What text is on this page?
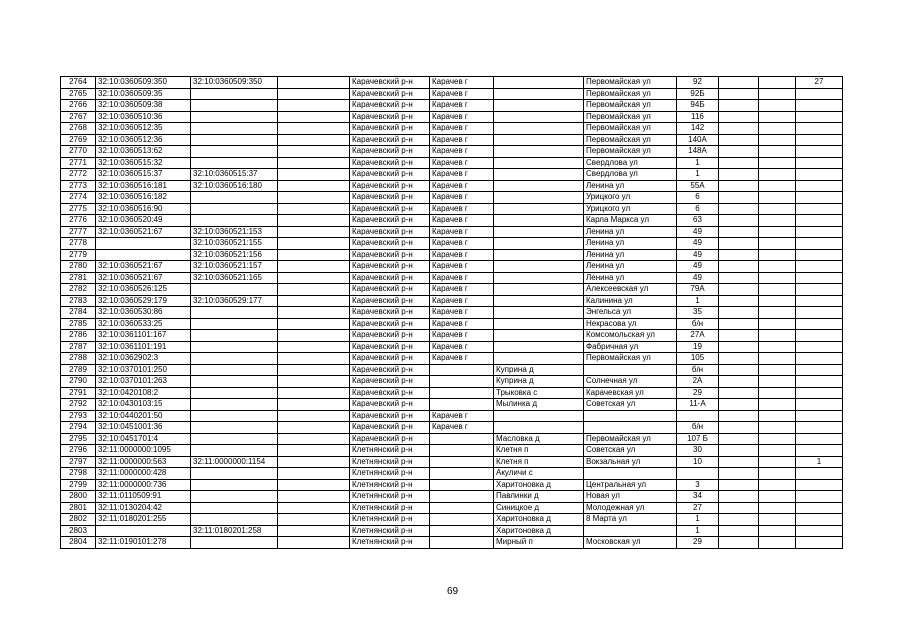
2764	32:10:0360509:350	32:10:0360509:350		Карачевский р-н	Карачев г		Первомайская ул	92			27
2765	32:10:0360509:35			Карачевский р-н	Карачев г		Первомайская ул	92Б			
2766	32:10:0360509:38			Карачевский р-н	Карачев г		Первомайская ул	94Б			
2767	32:10:0360510:36			Карачевский р-н	Карачев г		Первомайская ул	116			
2768	32:10:0360512:35			Карачевский р-н	Карачев г		Первомайская ул	142			
2769	32:10:0360512:36			Карачевский р-н	Карачев г		Первомайская ул	140А			
2770	32:10:0360513:62			Карачевский р-н	Карачев г		Первомайская ул	148А			
2771	32:10:0360515:32			Карачевский р-н	Карачев г		Свердлова ул	1			
2772	32:10:0360515:37	32:10:0360515:37		Карачевский р-н	Карачев г		Свердлова ул	1			
2773	32:10:0360516:181	32:10:0360516:180		Карачевский р-н	Карачев г		Ленина ул	55А			
2774	32:10:0360516:182			Карачевский р-н	Карачев г		Урицкого ул	6			
2775	32:10:0360516:90			Карачевский р-н	Карачев г		Урицкого ул	6			
2776	32:10:0360520:49			Карачевский р-н	Карачев г		Карла Маркса ул	63			
2777	32:10:0360521:67	32:10:0360521:153		Карачевский р-н	Карачев г		Ленина ул	49			
2778		32:10:0360521:155		Карачевский р-н	Карачев г		Ленина ул	49			
2779		32:10:0360521:156		Карачевский р-н	Карачев г		Ленина ул	49			
2780	32:10:0360521:67	32:10:0360521:157		Карачевский р-н	Карачев г		Ленина ул	49			
2781	32:10:0360521:67	32:10:0360521:165		Карачевский р-н	Карачев г		Ленина ул	49			
2782	32:10:0360526:125			Карачевский р-н	Карачев г		Алексеевская ул	79А			
2783	32:10:0360529:179	32:10:0360529:177		Карачевский р-н	Карачев г		Калинина ул	1			
2784	32:10:0360530:86			Карачевский р-н	Карачев г		Энгельса ул	35			
2785	32:10:0360533:25			Карачевский р-н	Карачев г		Некрасова ул	б/н			
2786	32:10:0361101:167			Карачевский р-н	Карачев г		Комсомольская ул	27А			
2787	32:10:0361101:191			Карачевский р-н	Карачев г		Фабричная ул	19			
2788	32:10:0362902:3			Карачевский р-н	Карачев г		Первомайская ул	105			
2789	32:10:0370101:250			Карачевский р-н		Куприна д		б/н			
2790	32:10:0370101:263			Карачевский р-н		Куприна д	Солнечная ул	2А			
2791	32:10:0420108:2			Карачевский р-н		Трыковка с	Карачевская ул	29			
2792	32:10:0430103:15			Карачевский р-н		Мылинка д	Советская ул	11-А			
2793	32:10:0440201:50			Карачевский р-н	Карачев г						
2794	32:10:0451001:36			Карачевский р-н	Карачев г			б/н			
2795	32:10:0451701:4			Карачевский р-н		Масловка д	Первомайская ул	107 Б			
2796	32:11:0000000:1095			Клетнянский р-н		Клетня п	Советская ул	30			
2797	32:11:0000000:563	32:11:0000000:1154		Клетнянский р-н		Клетня п	Вокзальная ул	10			1
2798	32:11:0000000:428			Клетнянский р-н		Акуличи с					
2799	32:11:0000000:736			Клетнянский р-н		Харитоновка д	Центральная ул	3			
2800	32:11:0110509:91			Клетнянский р-н		Павлинки д	Новая ул	34			
2801	32:11:0130204:42			Клетнянский р-н		Синицкое д	Молодежная ул	27			
2802	32:11:0180201:255			Клетнянский р-н		Харитоновка д	8 Марта ул	1			
2803		32:11:0180201:258		Клетнянский р-н		Харитоновка д		1			
2804	32:11:0190101:278			Клетнянский р-н		Мирный п	Московская ул	29			
69
